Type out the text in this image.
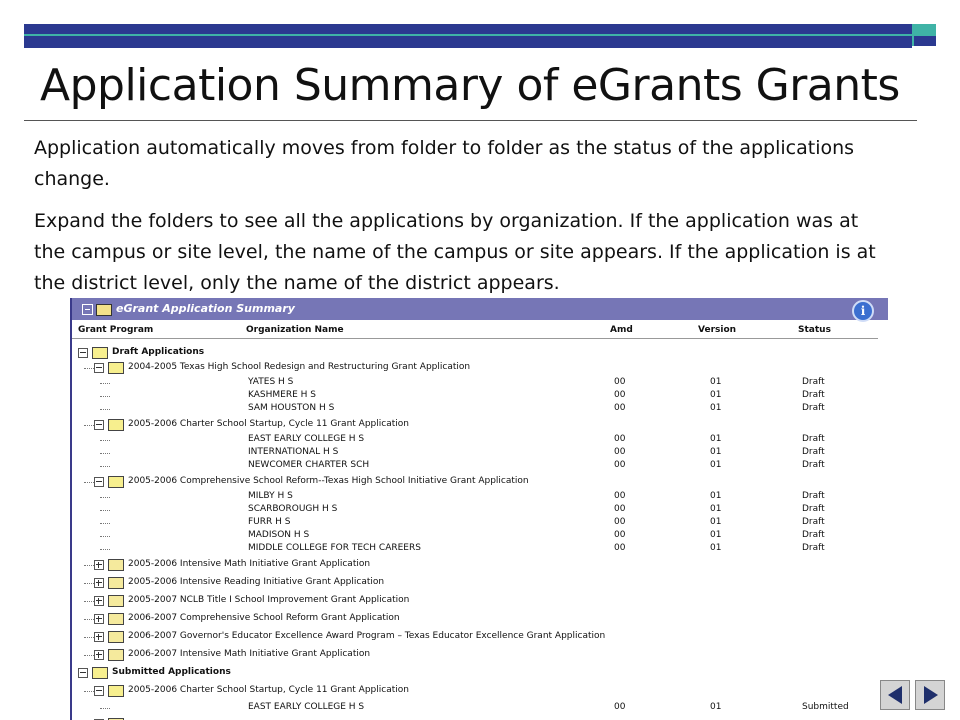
Application Summary of eGrants Grants
Application automatically moves from folder to folder as the status of the applications change.
Expand the folders to see all the applications by organization. If the application was at the campus or site level, the name of the campus or site appears. If the application is at the district level, only the name of the district appears.
eGrant Application Summary	i
Grant Program	Organization Name	Amd	Version	Status
Draft Applications
2004-2005 Texas High School Redesign and Restructuring Grant Application
YATES H S	00	01	Draft
KASHMERE H S	00	01	Draft
SAM HOUSTON H S	00	01	Draft
2005-2006 Charter School Startup, Cycle 11 Grant Application
EAST EARLY COLLEGE H S	00	01	Draft
INTERNATIONAL H S	00	01	Draft
NEWCOMER CHARTER SCH	00	01	Draft
2005-2006 Comprehensive School Reform--Texas High School Initiative Grant Application
MILBY H S	00	01	Draft
SCARBOROUGH H S	00	01	Draft
FURR H S	00	01	Draft
MADISON H S	00	01	Draft
MIDDLE COLLEGE FOR TECH CAREERS	00	01	Draft
2005-2006 Intensive Math Initiative Grant Application
2005-2006 Intensive Reading Initiative Grant Application
2005-2007 NCLB Title I School Improvement Grant Application
2006-2007 Comprehensive School Reform Grant Application
2006-2007 Governor's Educator Excellence Award Program – Texas Educator Excellence Grant Application
2006-2007 Intensive Math Initiative Grant Application
Submitted Applications
2005-2006 Charter School Startup, Cycle 11 Grant Application
EAST EARLY COLLEGE H S	00	01	Submitted
